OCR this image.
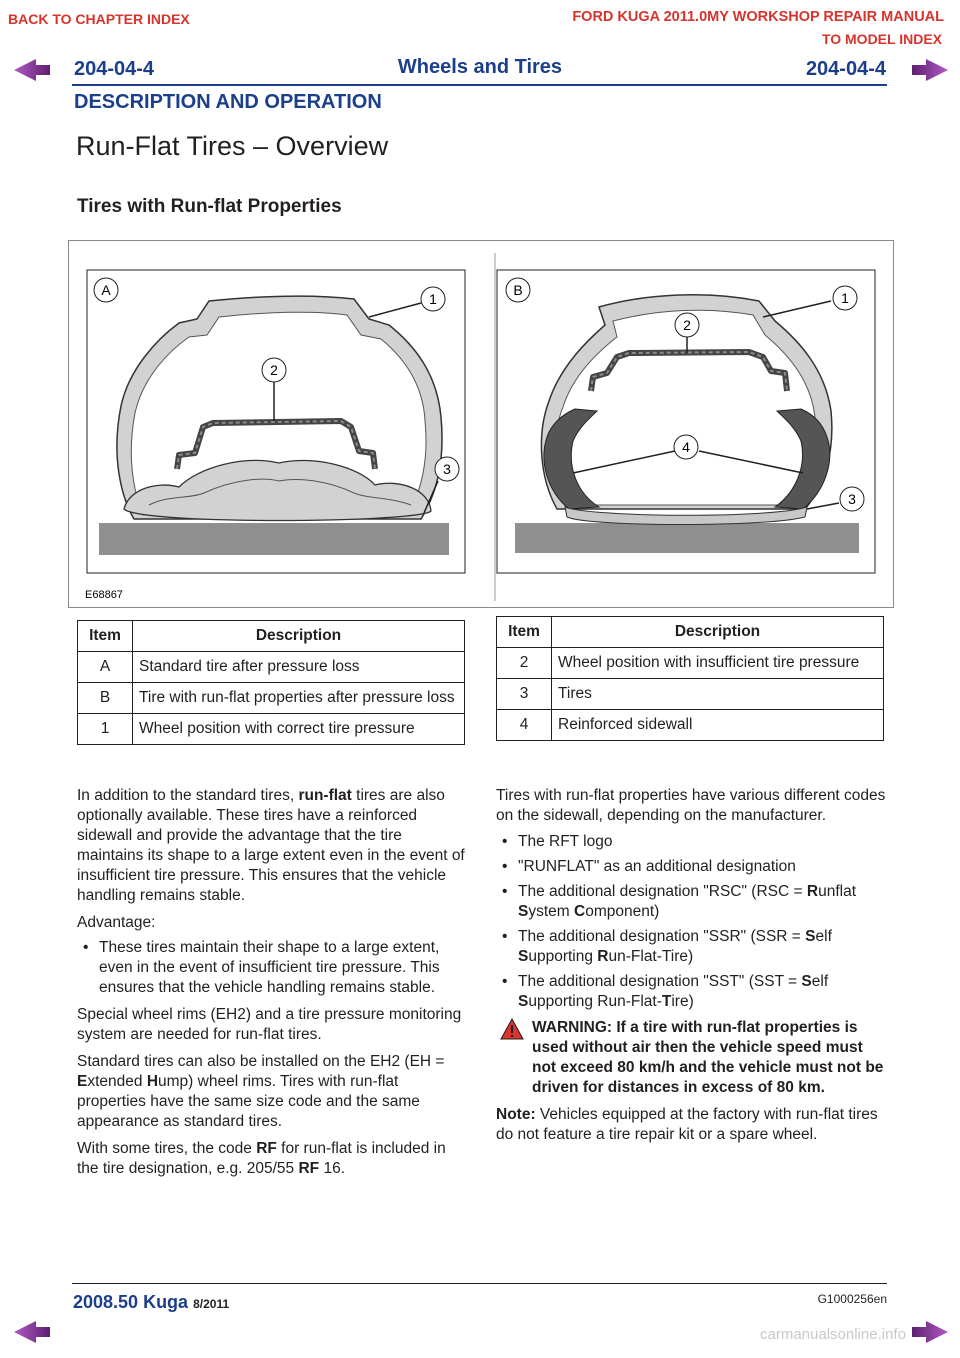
BACK TO CHAPTER INDEX	FORD KUGA 2011.0MY WORKSHOP REPAIR MANUAL
TO MODEL INDEX
204-04-4	Wheels and Tires	204-04-4
DESCRIPTION AND OPERATION
Run-Flat Tires – Overview
Tires with Run-flat Properties
A
1
2
3
B	1
2
4
3
E68867
Item	Description
A	Standard tire after pressure loss
B	Tire with run-flat properties after pressure loss
1	Wheel position with correct tire pressure
Item	Description
2	Wheel position with insufficient tire pressure
3	Tires
4	Reinforced sidewall

In addition to the standard tires, run-flat tires are also optionally available. These tires have a reinforced sidewall and provide the advantage that the tire maintains its shape to a large extent even in the event of insufficient tire pressure. This ensures that the vehicle handling remains stable.

Advantage:

• These tires maintain their shape to a large extent, even in the event of insufficient tire pressure. This ensures that the vehicle handling remains stable.

Special wheel rims (EH2) and a tire pressure monitoring system are needed for run-flat tires.

Standard tires can also be installed on the EH2 (EH = Extended Hump) wheel rims. Tires with run-flat properties have the same size code and the same appearance as standard tires.

With some tires, the code RF for run-flat is included in the tire designation, e.g. 205/55 RF 16.

Tires with run-flat properties have various different codes on the sidewall, depending on the manufacturer.

• The RFT logo
• "RUNFLAT" as an additional designation
• The additional designation "RSC" (RSC = Runflat System Component)
• The additional designation "SSR" (SSR = Self Supporting Run-Flat-Tire)
• The additional designation "SST" (SST = Self Supporting Run-Flat-Tire)
WARNING: If a tire with run-flat properties is used without air then the vehicle speed must not exceed 80 km/h and the vehicle must not be driven for distances in excess of 80 km.

Note: Vehicles equipped at the factory with run-flat tires do not feature a tire repair kit or a spare wheel.

2008.50 Kuga 8/2011	G1000256en
carmanualsonline.info
